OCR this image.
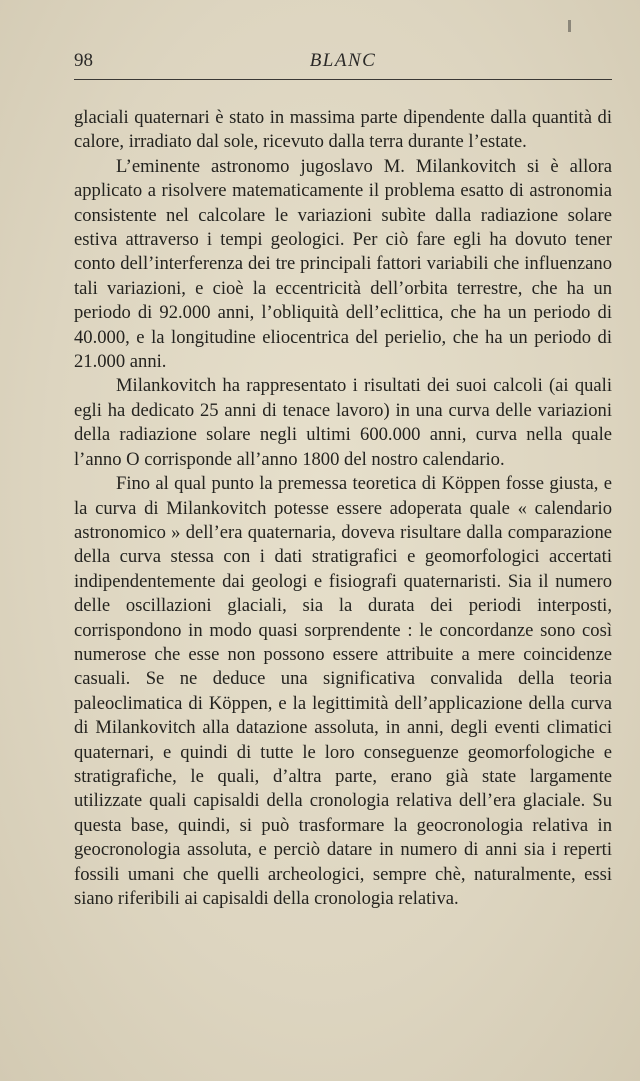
98	BLANC

glaciali quaternari è stato in massima parte dipendente dalla quantità di calore, irradiato dal sole, ricevuto dalla terra durante l’estate.

L’eminente astronomo jugoslavo M. Milankovitch si è allora applicato a risolvere matematicamente il problema esatto di astronomia consistente nel calcolare le variazioni subìte dalla radiazione solare estiva attraverso i tempi geologici. Per ciò fare egli ha dovuto tener conto dell’interferenza dei tre principali fattori variabili che influenzano tali variazioni, e cioè la eccentricità dell’orbita terrestre, che ha un periodo di 92.000 anni, l’obliquità dell’eclittica, che ha un periodo di 40.000, e la longitudine eliocentrica del perielio, che ha un periodo di 21.000 anni.

Milankovitch ha rappresentato i risultati dei suoi calcoli (ai quali egli ha dedicato 25 anni di tenace lavoro) in una curva delle variazioni della radiazione solare negli ultimi 600.000 anni, curva nella quale l’anno O corrisponde all’anno 1800 del nostro calendario.

Fino al qual punto la premessa teoretica di Köppen fosse giusta, e la curva di Milankovitch potesse essere adoperata quale « calendario astronomico » dell’era quaternaria, doveva risultare dalla comparazione della curva stessa con i dati stratigrafici e geomorfologici accertati indipendentemente dai geologi e fisiografi quaternaristi. Sia il numero delle oscillazioni glaciali, sia la durata dei periodi interposti, corrispondono in modo quasi sorprendente : le concordanze sono così numerose che esse non possono essere attribuite a mere coincidenze casuali. Se ne deduce una significativa convalida della teoria paleoclimatica di Köppen, e la legittimità dell’applicazione della curva di Milankovitch alla datazione assoluta, in anni, degli eventi climatici quaternari, e quindi di tutte le loro conseguenze geomorfologiche e stratigrafiche, le quali, d’altra parte, erano già state largamente utilizzate quali capisaldi della cronologia relativa dell’era glaciale. Su questa base, quindi, si può trasformare la geocronologia relativa in geocronologia assoluta, e perciò datare in numero di anni sia i reperti fossili umani che quelli archeologici, sempre chè, naturalmente, essi siano riferibili ai capisaldi della cronologia relativa.
